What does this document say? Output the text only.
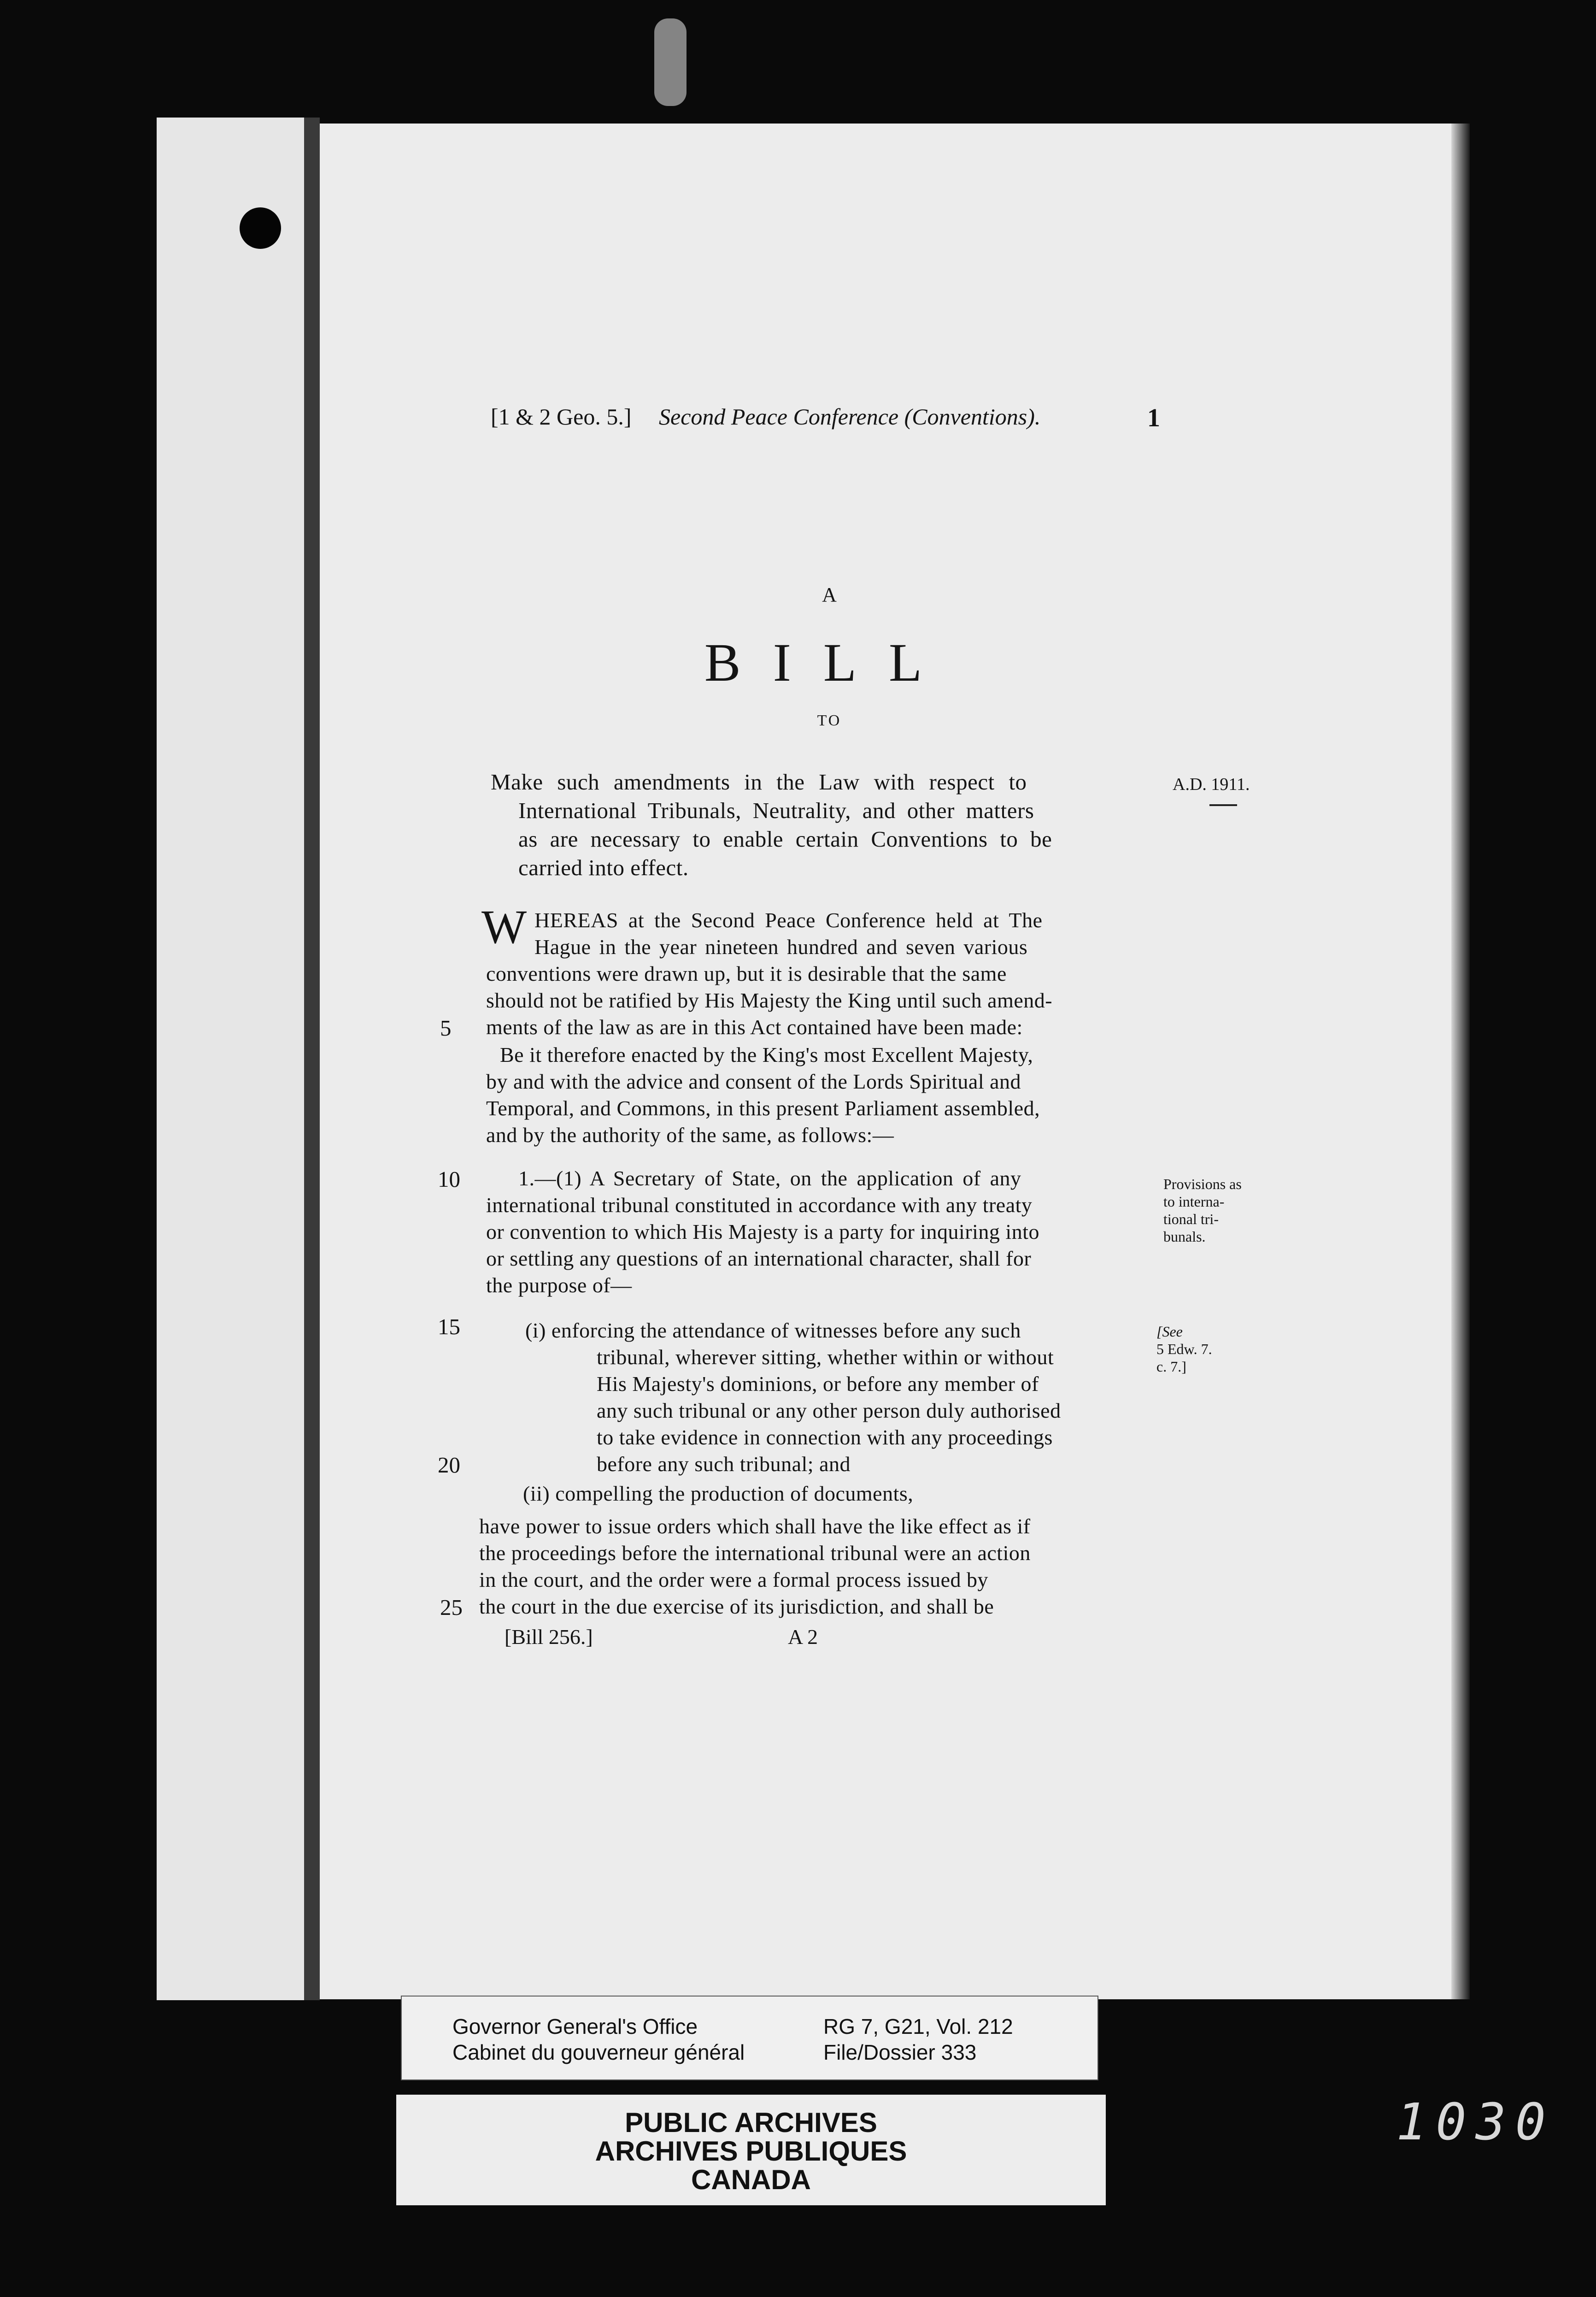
[1 & 2 Geo. 5.] Second Peace Conference (Conventions).	1
A
BILL
TO
Make such amendments in the Law with respect to
International Tribunals, Neutrality, and other matters
as are necessary to enable certain Conventions to be
carried into effect.
A.D. 1911.
W HEREAS at the Second Peace Conference held at The
Hague in the year nineteen hundred and seven various
conventions were drawn up, but it is desirable that the same
should not be ratified by His Majesty the King until such amend-
ments of the law as are in this Act contained have been made:
5
Be it therefore enacted by the King's most Excellent Majesty,
by and with the advice and consent of the Lords Spiritual and
Temporal, and Commons, in this present Parliament assembled,
and by the authority of the same, as follows:—
10	1.—(1) A Secretary of State, on the application of any
international tribunal constituted in accordance with any treaty
or convention to which His Majesty is a party for inquiring into
or settling any questions of an international character, shall for
the purpose of—
Provisions as
to interna-
tional tri-
bunals.
15	(i) enforcing the attendance of witnesses before any such
tribunal, wherever sitting, whether within or without
His Majesty's dominions, or before any member of
any such tribunal or any other person duly authorised
to take evidence in connection with any proceedings
before any such tribunal; and
20
[See
5 Edw. 7.
c. 7.]
(ii) compelling the production of documents,
have power to issue orders which shall have the like effect as if
the proceedings before the international tribunal were an action
in the court, and the order were a formal process issued by
the court in the due exercise of its jurisdiction, and shall be
25
[Bill 256.]	A 2
Governor General's Office
Cabinet du gouverneur général
RG 7, G21, Vol. 212
File/Dossier 333
PUBLIC ARCHIVES
ARCHIVES PUBLIQUES
CANADA
1030
